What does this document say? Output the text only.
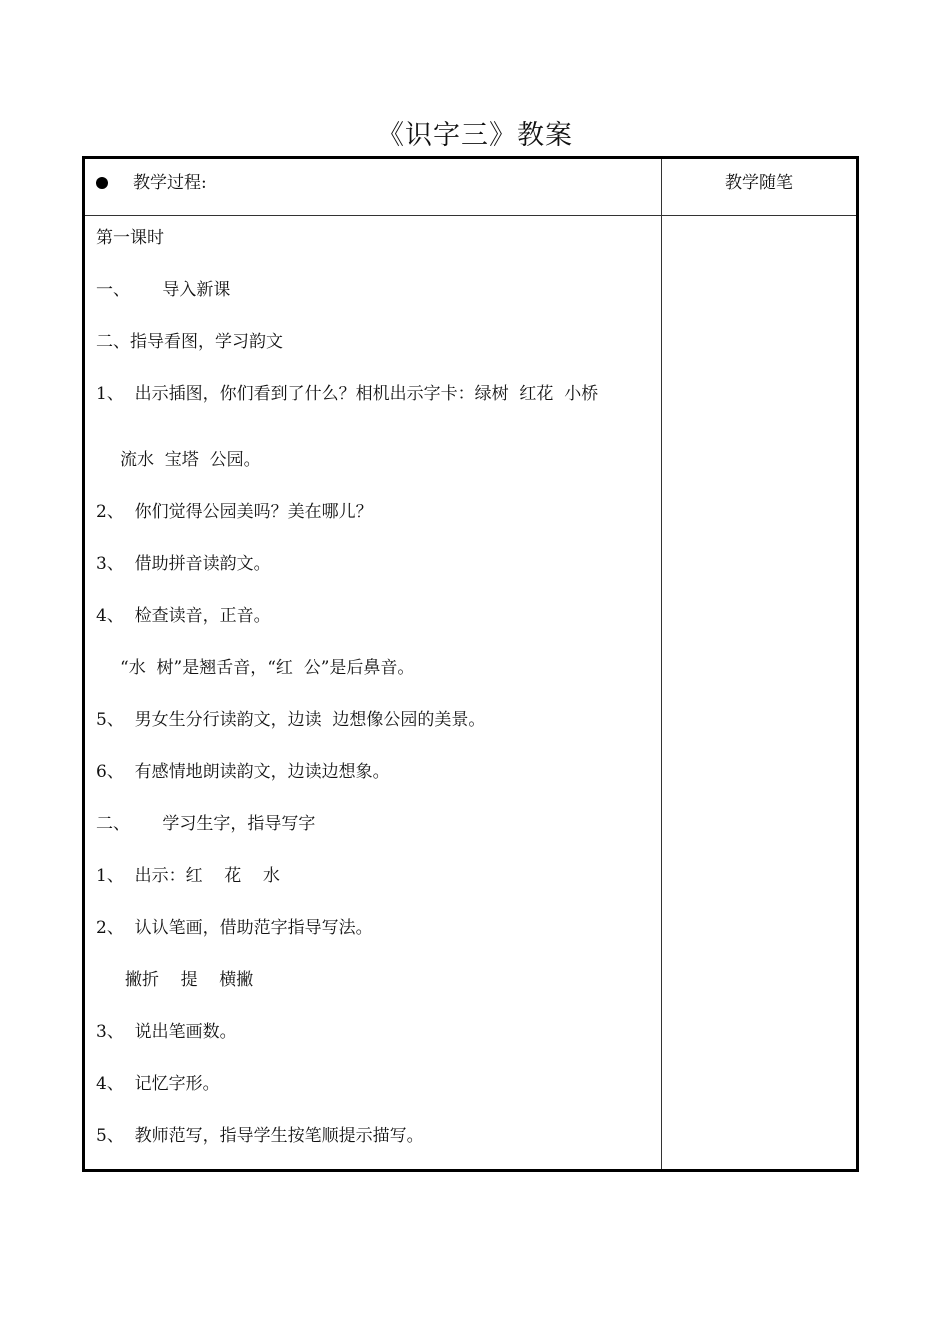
《识字三》教案
教学过程:	教学随笔
第一课时
一、      导入新课
二、指导看图，学习韵文
1、  出示插图，你们看到了什么？相机出示字卡：绿树  红花  小桥
流水  宝塔  公园。
2、  你们觉得公园美吗？美在哪儿？
3、  借助拼音读韵文。
4、  检查读音，正音。
“水  树”是翘舌音，“红  公”是后鼻音。
5、  男女生分行读韵文，边读  边想像公园的美景。
6、  有感情地朗读韵文，边读边想象。
二、      学习生字，指导写字
1、  出示：红    花    水
2、  认认笔画，借助范字指导写法。
撇折    提    横撇
3、  说出笔画数。
4、  记忆字形。
5、  教师范写，指导学生按笔顺提示描写。
